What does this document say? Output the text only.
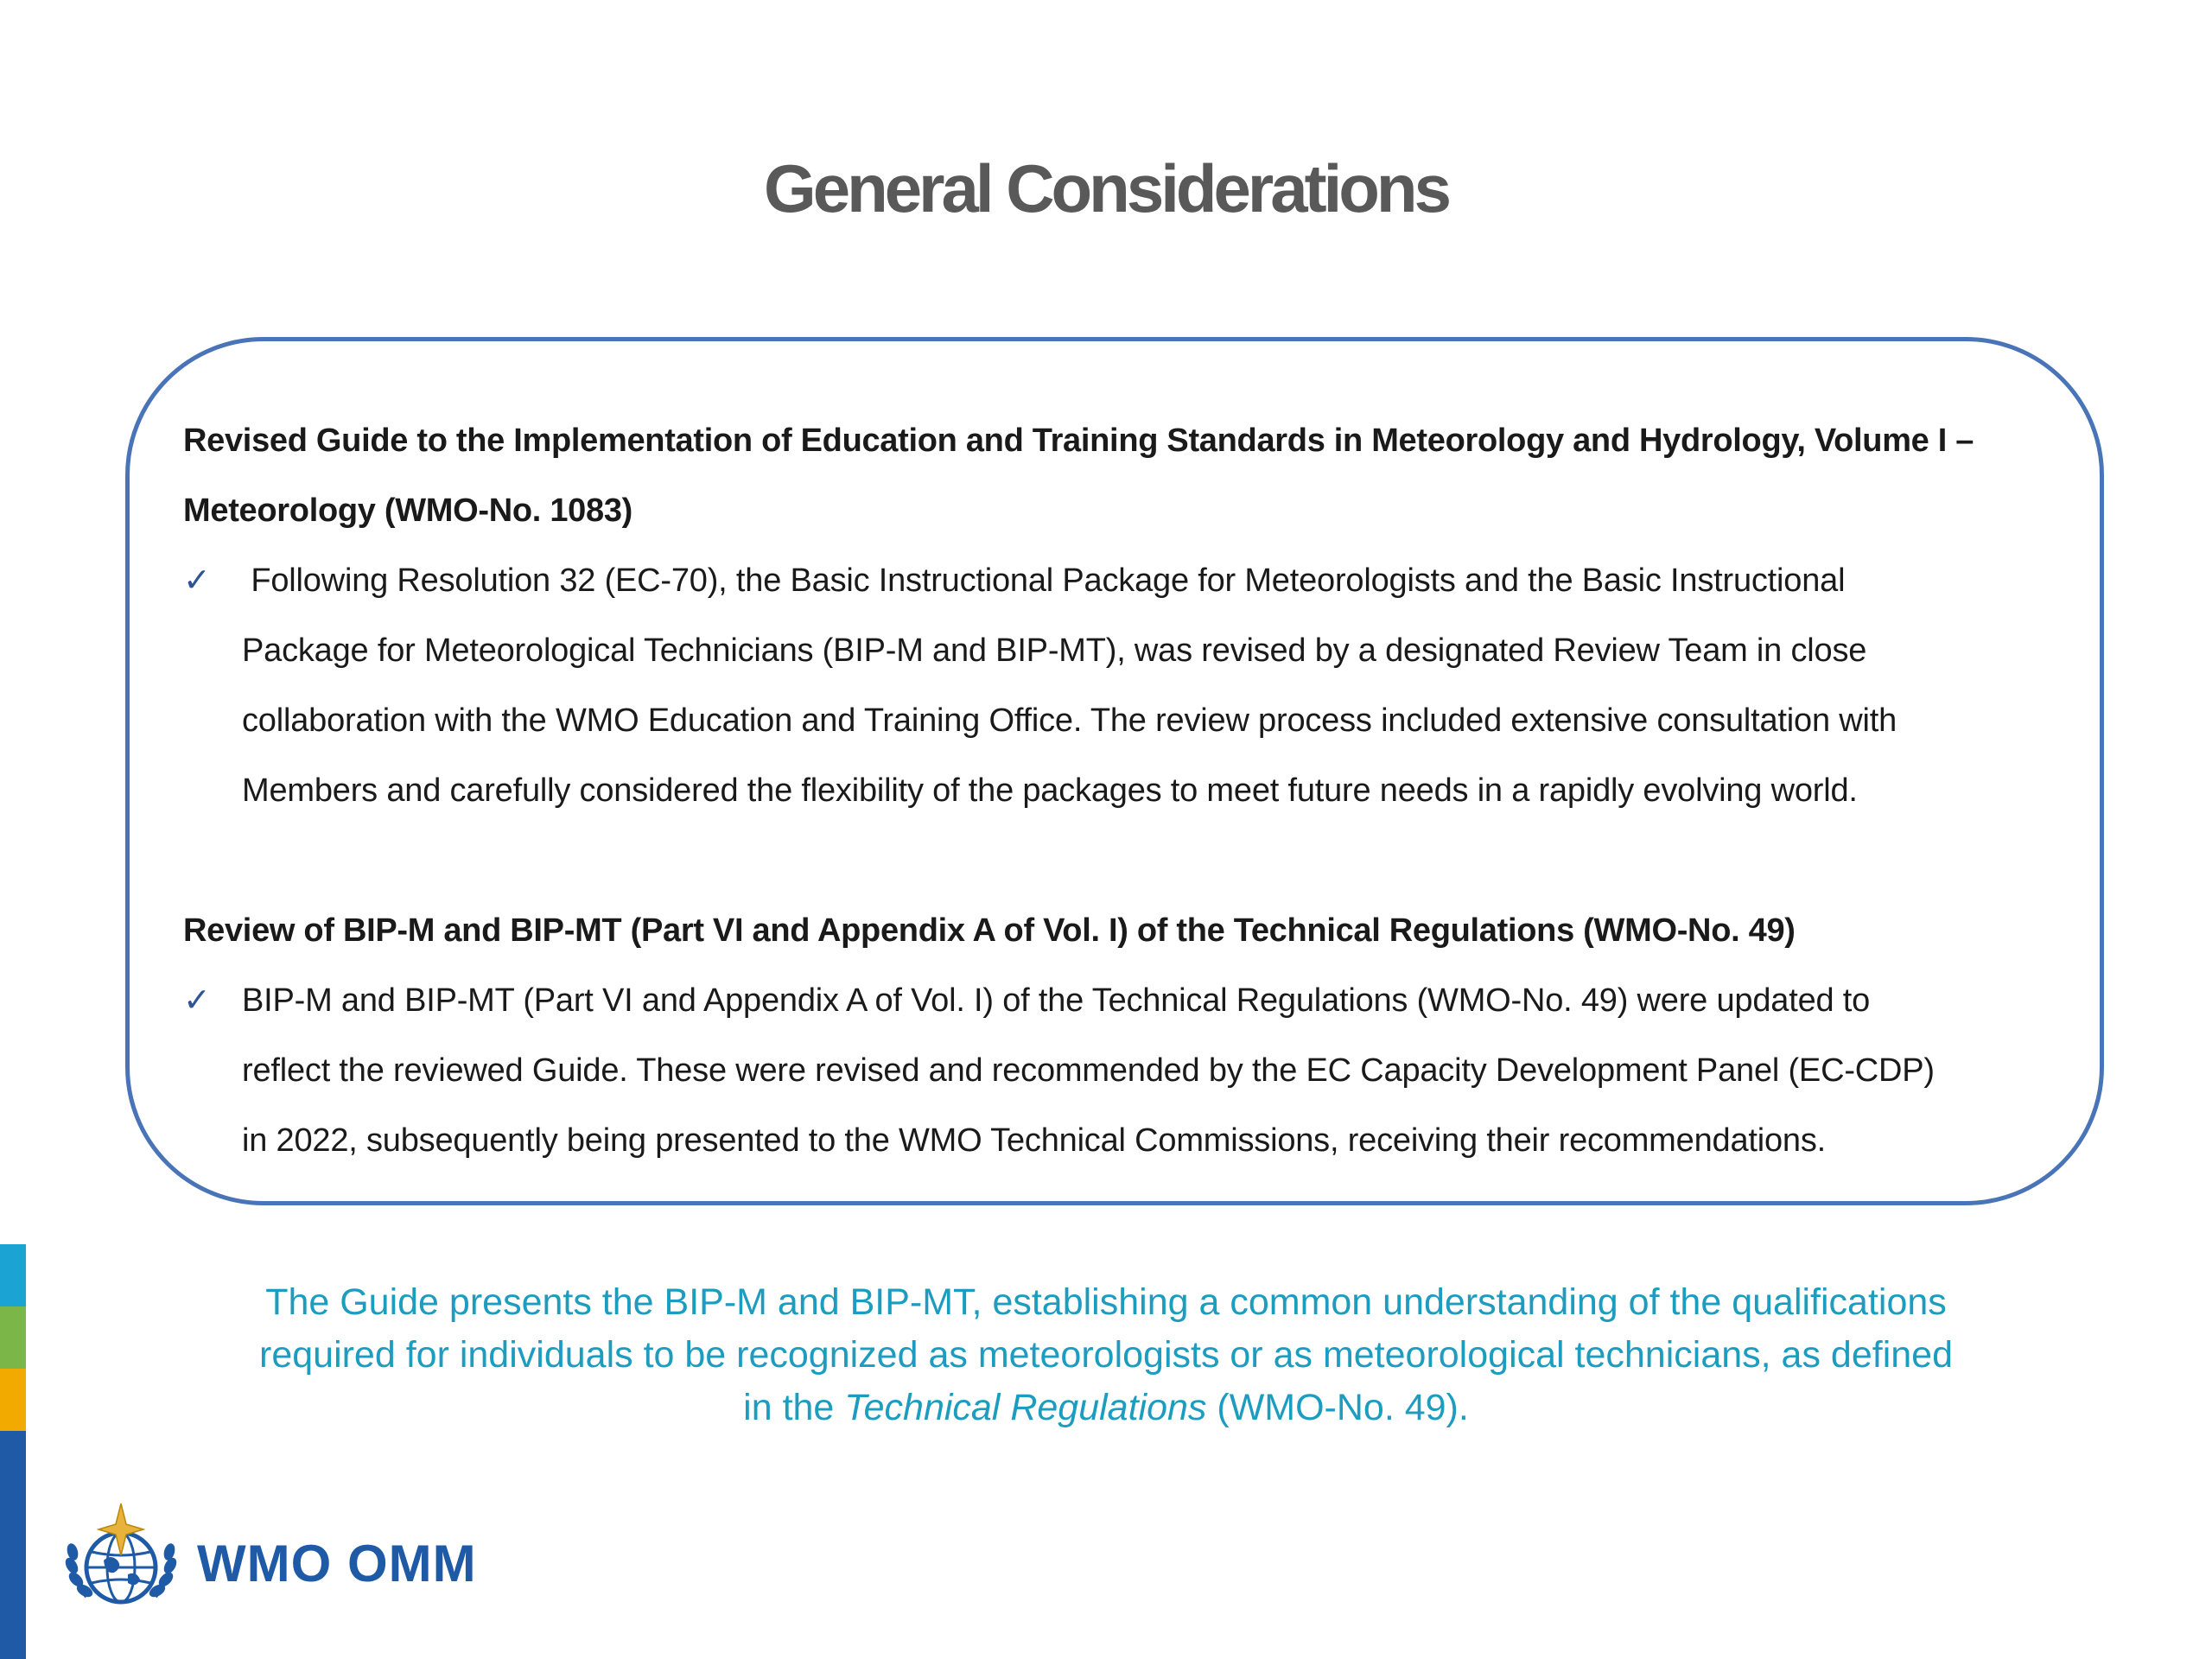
General Considerations

Revised Guide to the Implementation of Education and Training Standards in Meteorology and Hydrology, Volume I –

Meteorology (WMO-No. 1083)

✓ Following Resolution 32 (EC-70), the Basic Instructional Package for Meteorologists and the Basic Instructional

Package for Meteorological Technicians (BIP-M and BIP-MT), was revised by a designated Review Team in close

collaboration with the WMO Education and Training Office. The review process included extensive consultation with

Members and carefully considered the flexibility of the packages to meet future needs in a rapidly evolving world.

Review of BIP-M and BIP-MT (Part VI and Appendix A of Vol. I) of the Technical Regulations (WMO-No. 49)

✓ BIP-M and BIP-MT (Part VI and Appendix A of Vol. I) of the Technical Regulations (WMO-No. 49) were updated to

reflect the reviewed Guide. These were revised and recommended by the EC Capacity Development Panel (EC-CDP)

in 2022, subsequently being presented to the WMO Technical Commissions, receiving their recommendations.

The Guide presents the BIP-M and BIP-MT, establishing a common understanding of the qualifications
required for individuals to be recognized as meteorologists or as meteorological technicians, as defined
in the Technical Regulations (WMO-No. 49).
WMO OMM
